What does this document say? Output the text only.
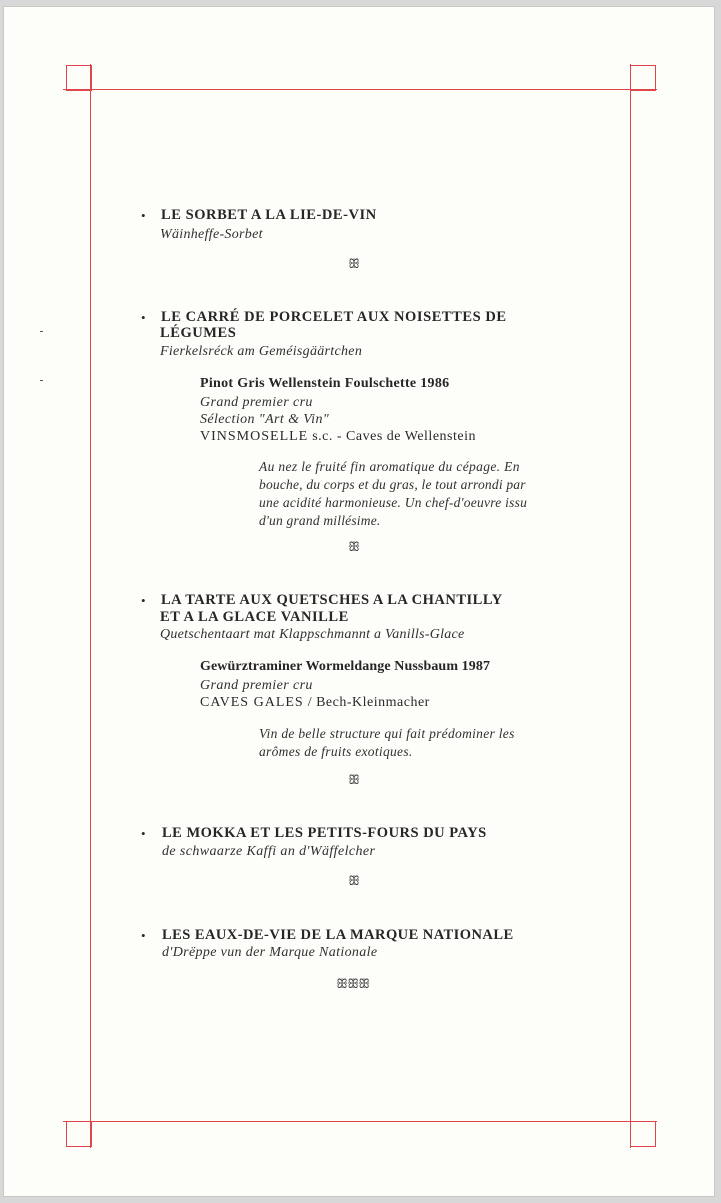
• LE SORBET A LA LIE-DE-VIN
Wäinheffe-Sorbet
ꕥ
• LE CARRÉ DE PORCELET AUX NOISETTES DE
LÉGUMES
Fierkelsréck am Geméisgäärtchen
Pinot Gris Wellenstein Foulschette 1986
Grand premier cru
Sélection "Art & Vin"
VINSMOSELLE s.c. - Caves de Wellenstein
Au nez le fruité fin aromatique du cépage. En
bouche, du corps et du gras, le tout arrondi par
une acidité harmonieuse. Un chef-d'oeuvre issu
d'un grand millésime.
ꕥ
• LA TARTE AUX QUETSCHES A LA CHANTILLY
ET A LA GLACE VANILLE
Quetschentaart mat Klappschmannt a Vanills-Glace
Gewürztraminer Wormeldange Nussbaum 1987
Grand premier cru
CAVES GALES / Bech-Kleinmacher
Vin de belle structure qui fait prédominer les
arômes de fruits exotiques.
ꕥ
• LE MOKKA ET LES PETITS-FOURS DU PAYS
de schwaarze Kaffi an d'Wäffelcher
ꕥ
• LES EAUX-DE-VIE DE LA MARQUE NATIONALE
d'Drëppe vun der Marque Nationale
ꕥꕥꕥ
